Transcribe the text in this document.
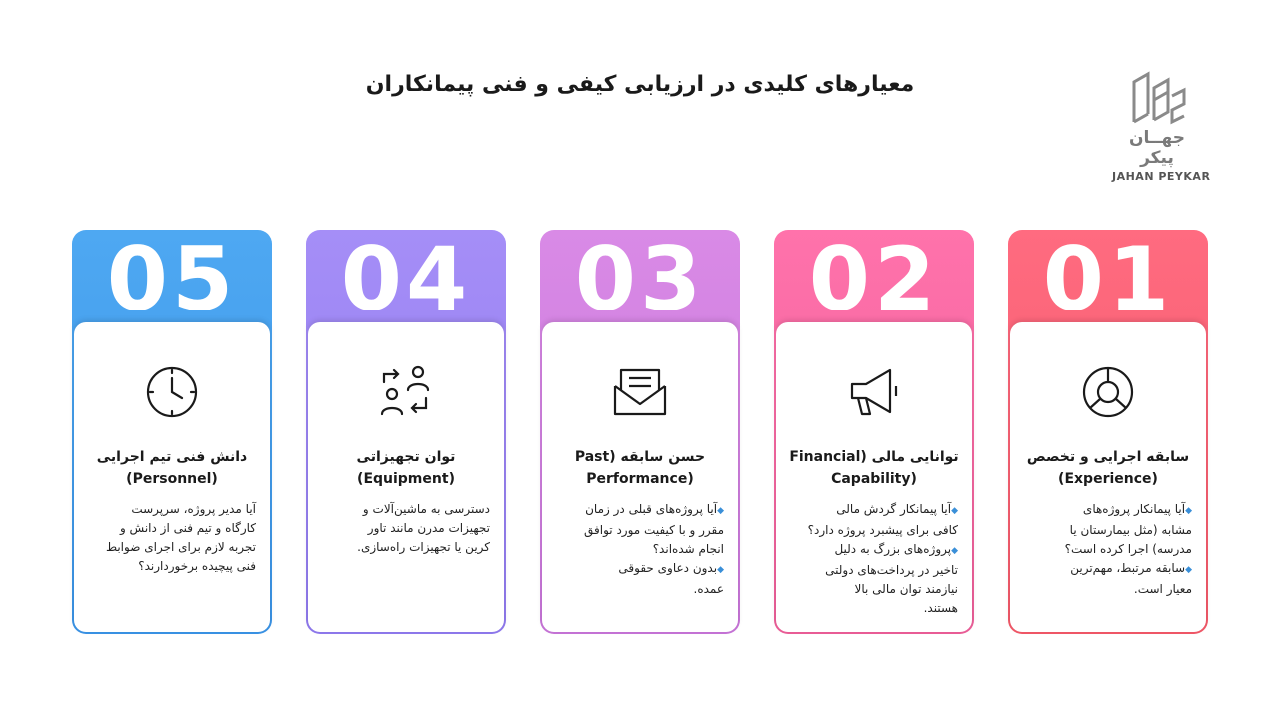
معیارهای کلیدی در ارزیابی کیفی و فنی پیمانکاران
جهــان پیکر
JAHAN PEYKAR
01
سابقه اجرایی و تخصص
(Experience)

◆آیا پیمانکار پروژه‌های

مشابه (مثل بیمارستان یا

مدرسه) اجرا کرده است؟

◆سابقه مرتبط، مهم‌ترین

معیار است.

02
توانایی مالی (Financial
(Capability

◆آیا پیمانکار گردش مالی

کافی برای پیشبرد پروژه دارد؟

◆پروژه‌های بزرگ به دلیل

تاخیر در پرداخت‌های دولتی

نیازمند توان مالی بالا

هستند.

03
حسن سابقه (Past
(Performance

◆آیا پروژه‌های قبلی در زمان

مقرر و با کیفیت مورد توافق

انجام شده‌اند؟

◆بدون دعاوی حقوقی

عمده.

04
توان تجهیزاتی
(Equipment)

دسترسی به ماشین‌آلات و

تجهیزات مدرن مانند تاور

کرین یا تجهیزات راه‌سازی.

05
دانش فنی تیم اجرایی
(Personnel)

آیا مدیر پروژه، سرپرست

کارگاه و تیم فنی از دانش و

تجربه لازم برای اجرای ضوابط

فنی پیچیده برخوردارند؟
